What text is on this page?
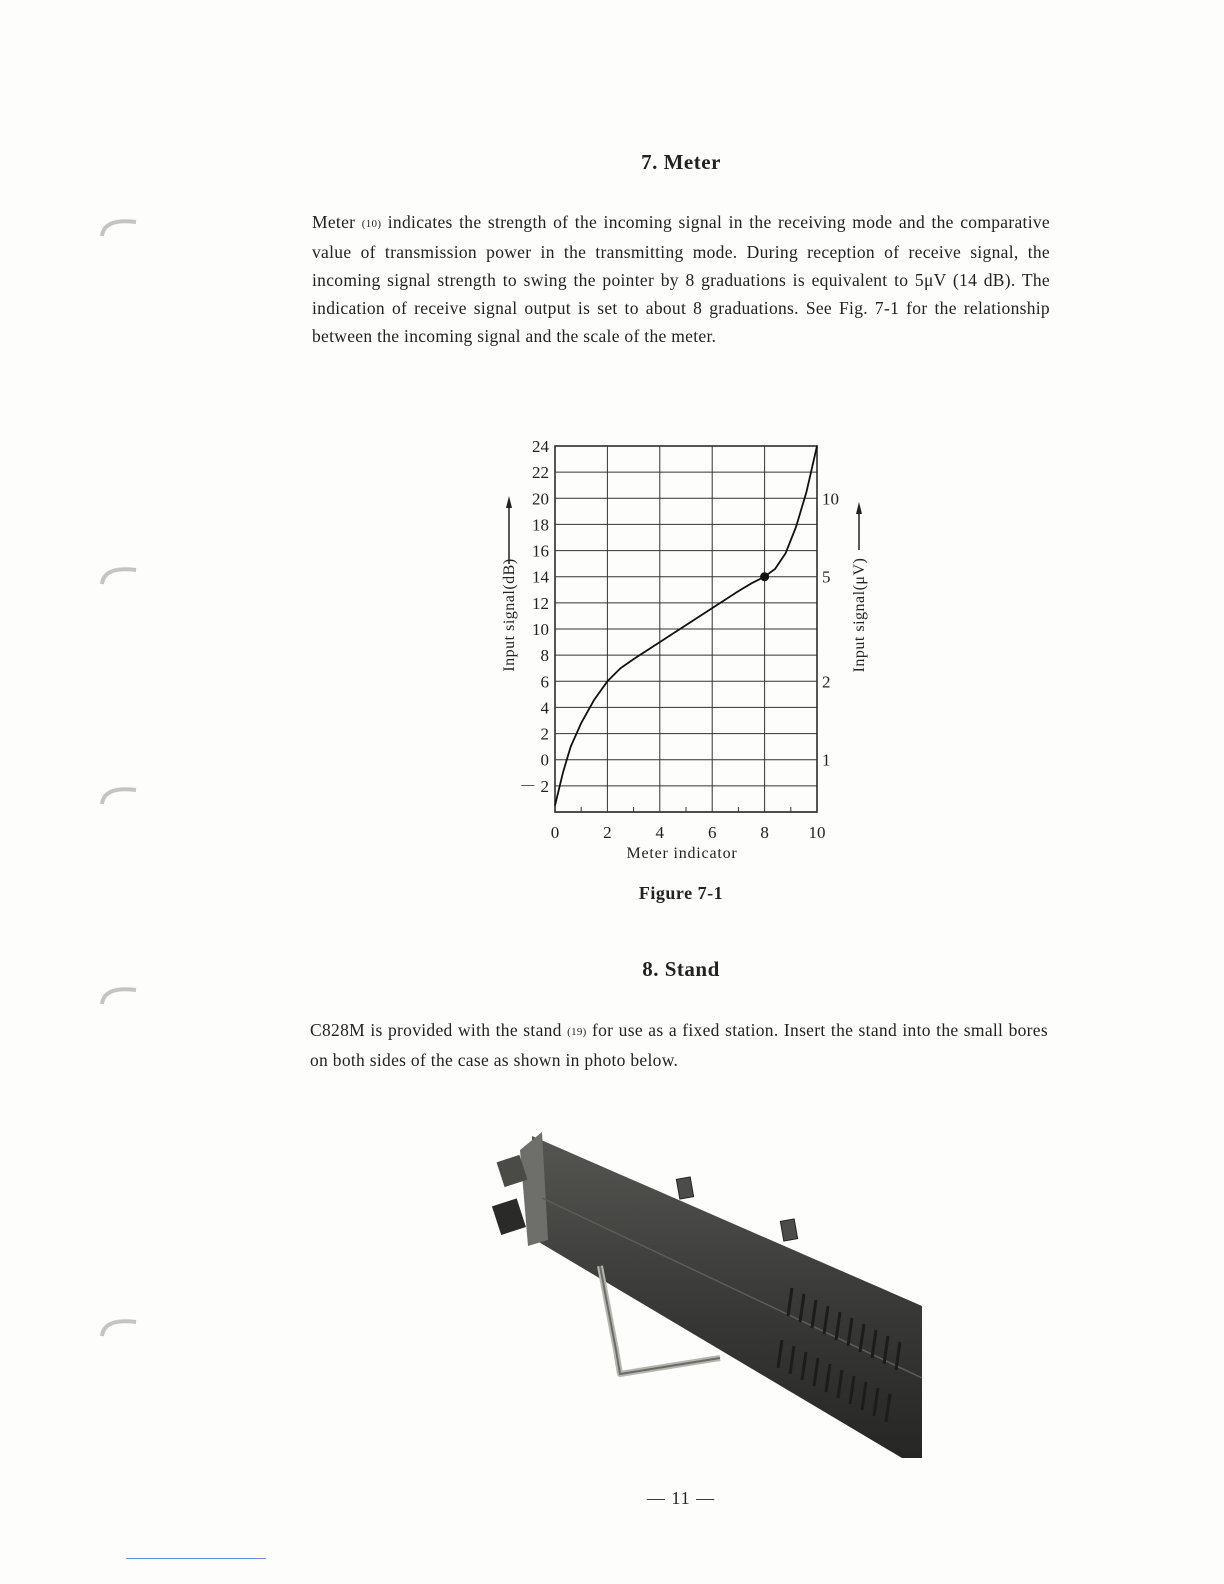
7. Meter

Meter (10) indicates the strength of the incoming signal in the receiving mode and the comparative value of transmission power in the transmitting mode. During reception of receive signal, the incoming signal strength to swing the pointer by 8 graduations is equivalent to 5μV (14 dB). The indication of receive signal output is set to about 8 graduations. See Fig. 7-1 for the relationship between the incoming signal and the scale of the meter.

24
22
20
18
16
14
12
10
8
6
4
2
0
－ 2
0	2	4	6	8 10
10
5
2
1
Input signal(dB)	Input signal(μV)
Meter indicator
Figure 7-1
8. Stand

C828M is provided with the stand (19) for use as a fixed station. Insert the stand into the small bores on both sides of the case as shown in photo below.

— 11 —
